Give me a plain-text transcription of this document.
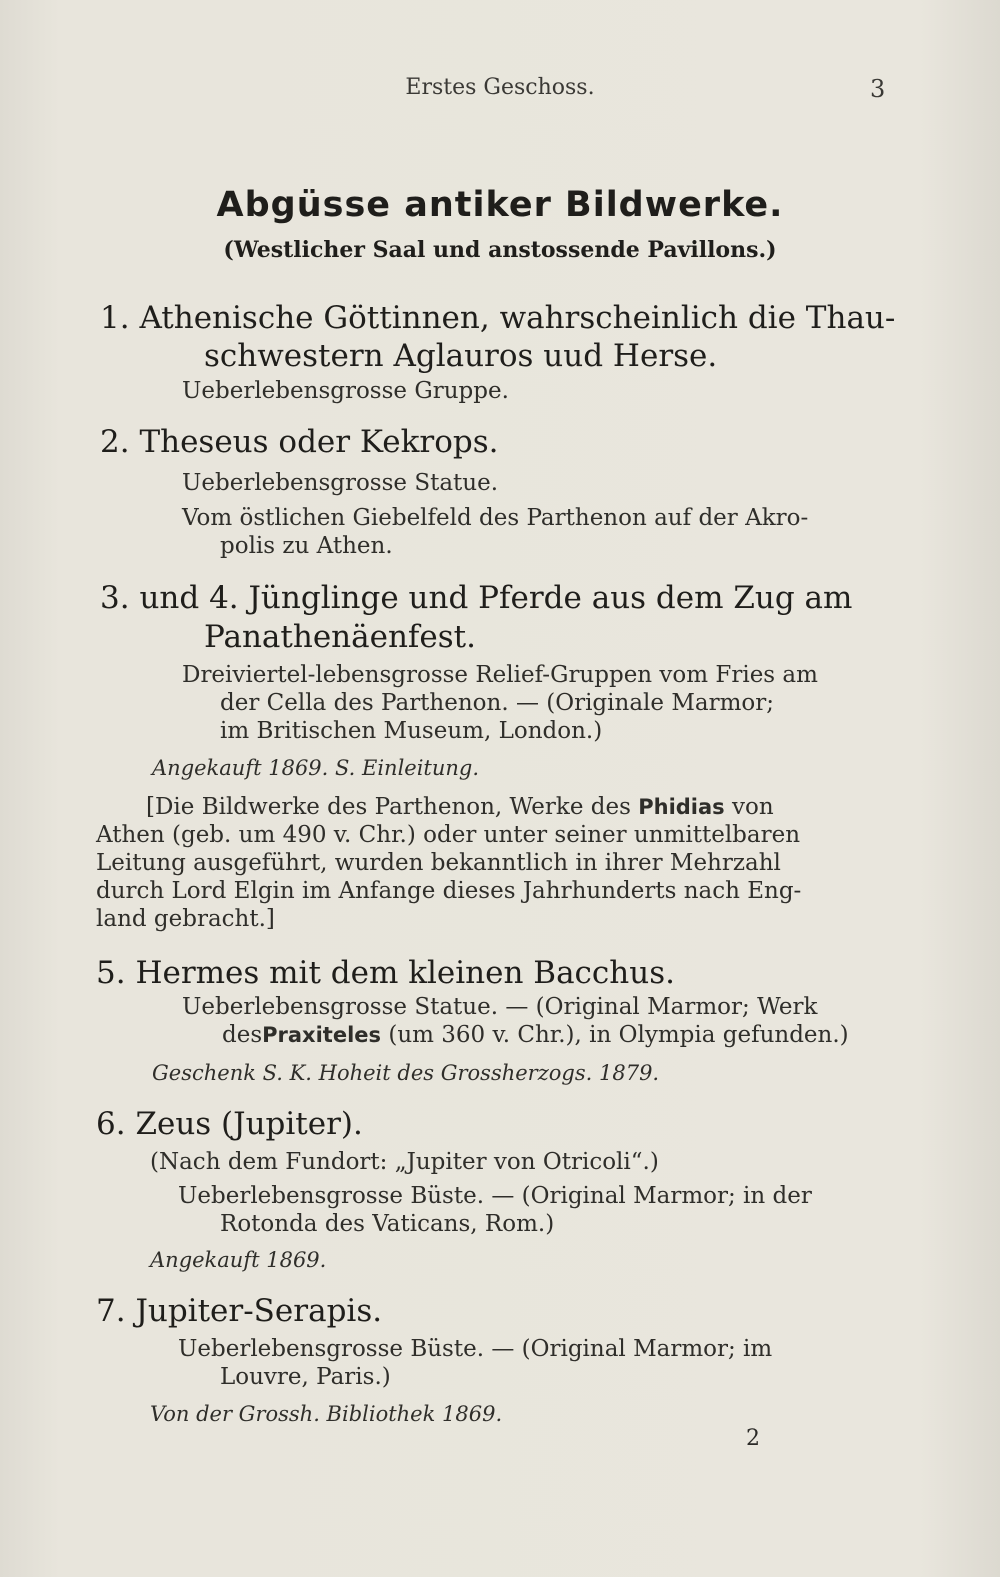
Erstes Geschoss.	3
Abgüsse antiker Bildwerke.
(Westlicher Saal und anstossende Pavillons.)
1. Athenische Göttinnen, wahrscheinlich die Thau-
schwestern Aglauros uud Herse.
Ueberlebensgrosse Gruppe.
2. Theseus oder Kekrops.
Ueberlebensgrosse Statue.
Vom östlichen Giebelfeld des Parthenon auf der Akro-
polis zu Athen.
3. und 4. Jünglinge und Pferde aus dem Zug am
Panathenäenfest.
Dreiviertel-lebensgrosse Relief-Gruppen vom Fries am
der Cella des Parthenon. — (Originale Marmor;
im Britischen Museum, London.)
Angekauft 1869. S. Einleitung.
[Die Bildwerke des Parthenon, Werke des Phidias von
Athen (geb. um 490 v. Chr.) oder unter seiner unmittelbaren
Leitung ausgeführt, wurden bekanntlich in ihrer Mehrzahl
durch Lord Elgin im Anfange dieses Jahrhunderts nach Eng-
land gebracht.]
5. Hermes mit dem kleinen Bacchus.
Ueberlebensgrosse Statue. — (Original Marmor; Werk
desPraxiteles (um 360 v. Chr.), in Olympia gefunden.)
Geschenk S. K. Hoheit des Grossherzogs. 1879.
6. Zeus (Jupiter).
(Nach dem Fundort: „Jupiter von Otricoli“.)
Ueberlebensgrosse Büste. — (Original Marmor; in der
Rotonda des Vaticans, Rom.)
Angekauft 1869.
7. Jupiter-Serapis.
Ueberlebensgrosse Büste. — (Original Marmor; im
Louvre, Paris.)
Von der Grossh. Bibliothek 1869.
2
